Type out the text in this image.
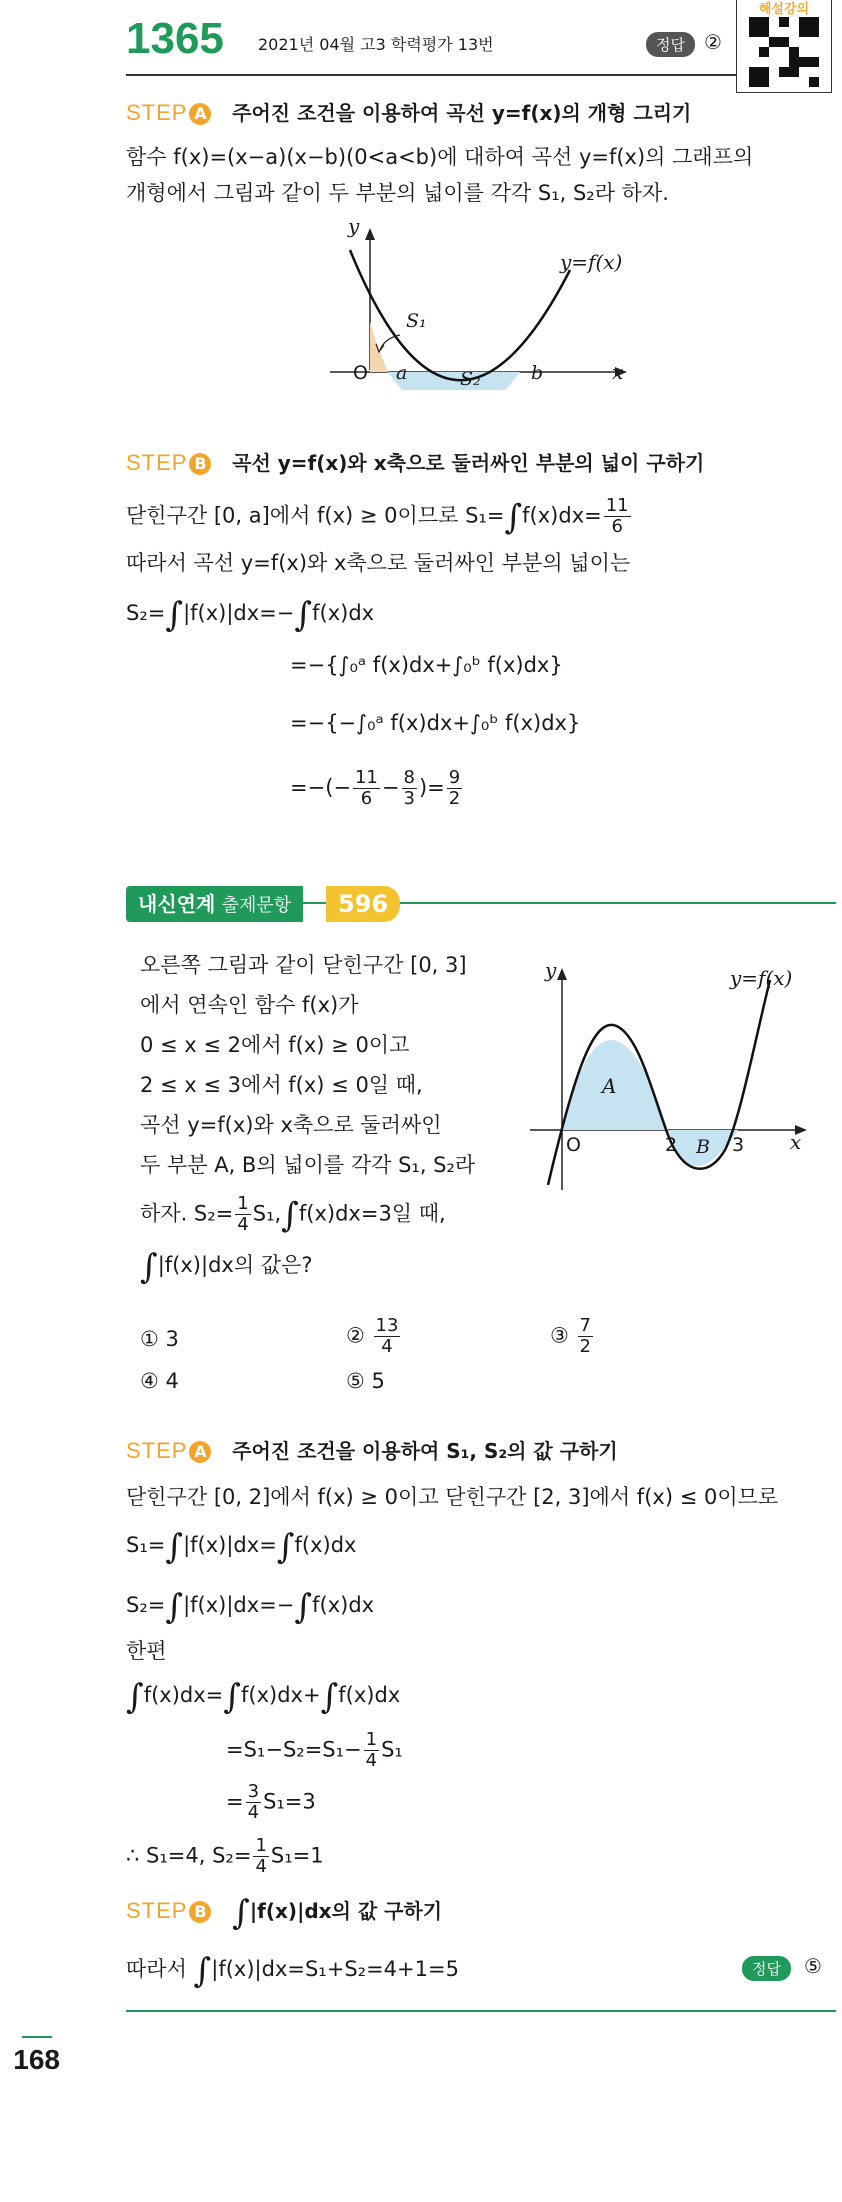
1365 2021년 04월 고3 학력평가 13번	정답 ②
해설강의
STEP A 주어진 조건을 이용하여 곡선 y=f(x)의 개형 그리기
함수 f(x)=(x−a)(x−b)(0<a<b)에 대하여 곡선 y=f(x)의 그래프의
개형에서 그림과 같이 두 부분의 넓이를 각각 S₁, S₂라 하자.
y
x
y=f(x)
O a	b
S₁
S₂
STEP B 곡선 y=f(x)와 x축으로 둘러싸인 부분의 넓이 구하기
닫힌구간 [0, a]에서 f(x) ≥ 0이므로 $S_1=\int f(x)dx= \frac{11}{6}$
따라서 곡선 y=f(x)와 x축으로 둘러싸인 부분의 넓이는
S₂=∫|f(x)|dx=−∫f(x)dx
=−{∫₀ᵃ f(x)dx+∫₀ᵇ f(x)dx}
=−{−∫₀ᵃ f(x)dx+∫₀ᵇ f(x)dx}
=−(− $\frac{11}{6} - \frac{8}{3}$ )= $\frac{9}{2}$
내신연계 출제문항	596
오른쪽 그림과 같이 닫힌구간 [0, 3]
에서 연속인 함수 f(x)가
0 ≤ x ≤ 2에서 f(x) ≥ 0이고
2 ≤ x ≤ 3에서 f(x) ≤ 0일 때,
곡선 y=f(x)와 x축으로 둘러싸인
두 부분 A, B의 넓이를 각각 S₁, S₂라
하자. $S_2= \frac{1}{4} S_1,\int f(x)dx=3$일 때,
∫|f(x)|dx의 값은?
y
x
y=f(x)
O	2	3
A
B
① 3	② $\frac{13}{4}$	③ $\frac{7}{2}$
④ 4	⑤ 5
STEP A 주어진 조건을 이용하여 S₁, S₂의 값 구하기
닫힌구간 [0, 2]에서 f(x) ≥ 0이고 닫힌구간 [2, 3]에서 f(x) ≤ 0이므로
S₁=∫|f(x)|dx=∫f(x)dx
S₂=∫|f(x)|dx=−∫f(x)dx
한편
∫f(x)dx=∫f(x)dx+∫f(x)dx
$=S_1-S_2=S_1- \frac{1}{4} S_1$
= $\frac{3}{4} S_1=3$
∴ S₁=4, $S_2= \frac{1}{4} S_1=1$
STEP B ∫|f(x)|dx의 값 구하기
따라서 ∫|f(x)|dx=S₁+S₂=4+1=5	정답	⑤
168
